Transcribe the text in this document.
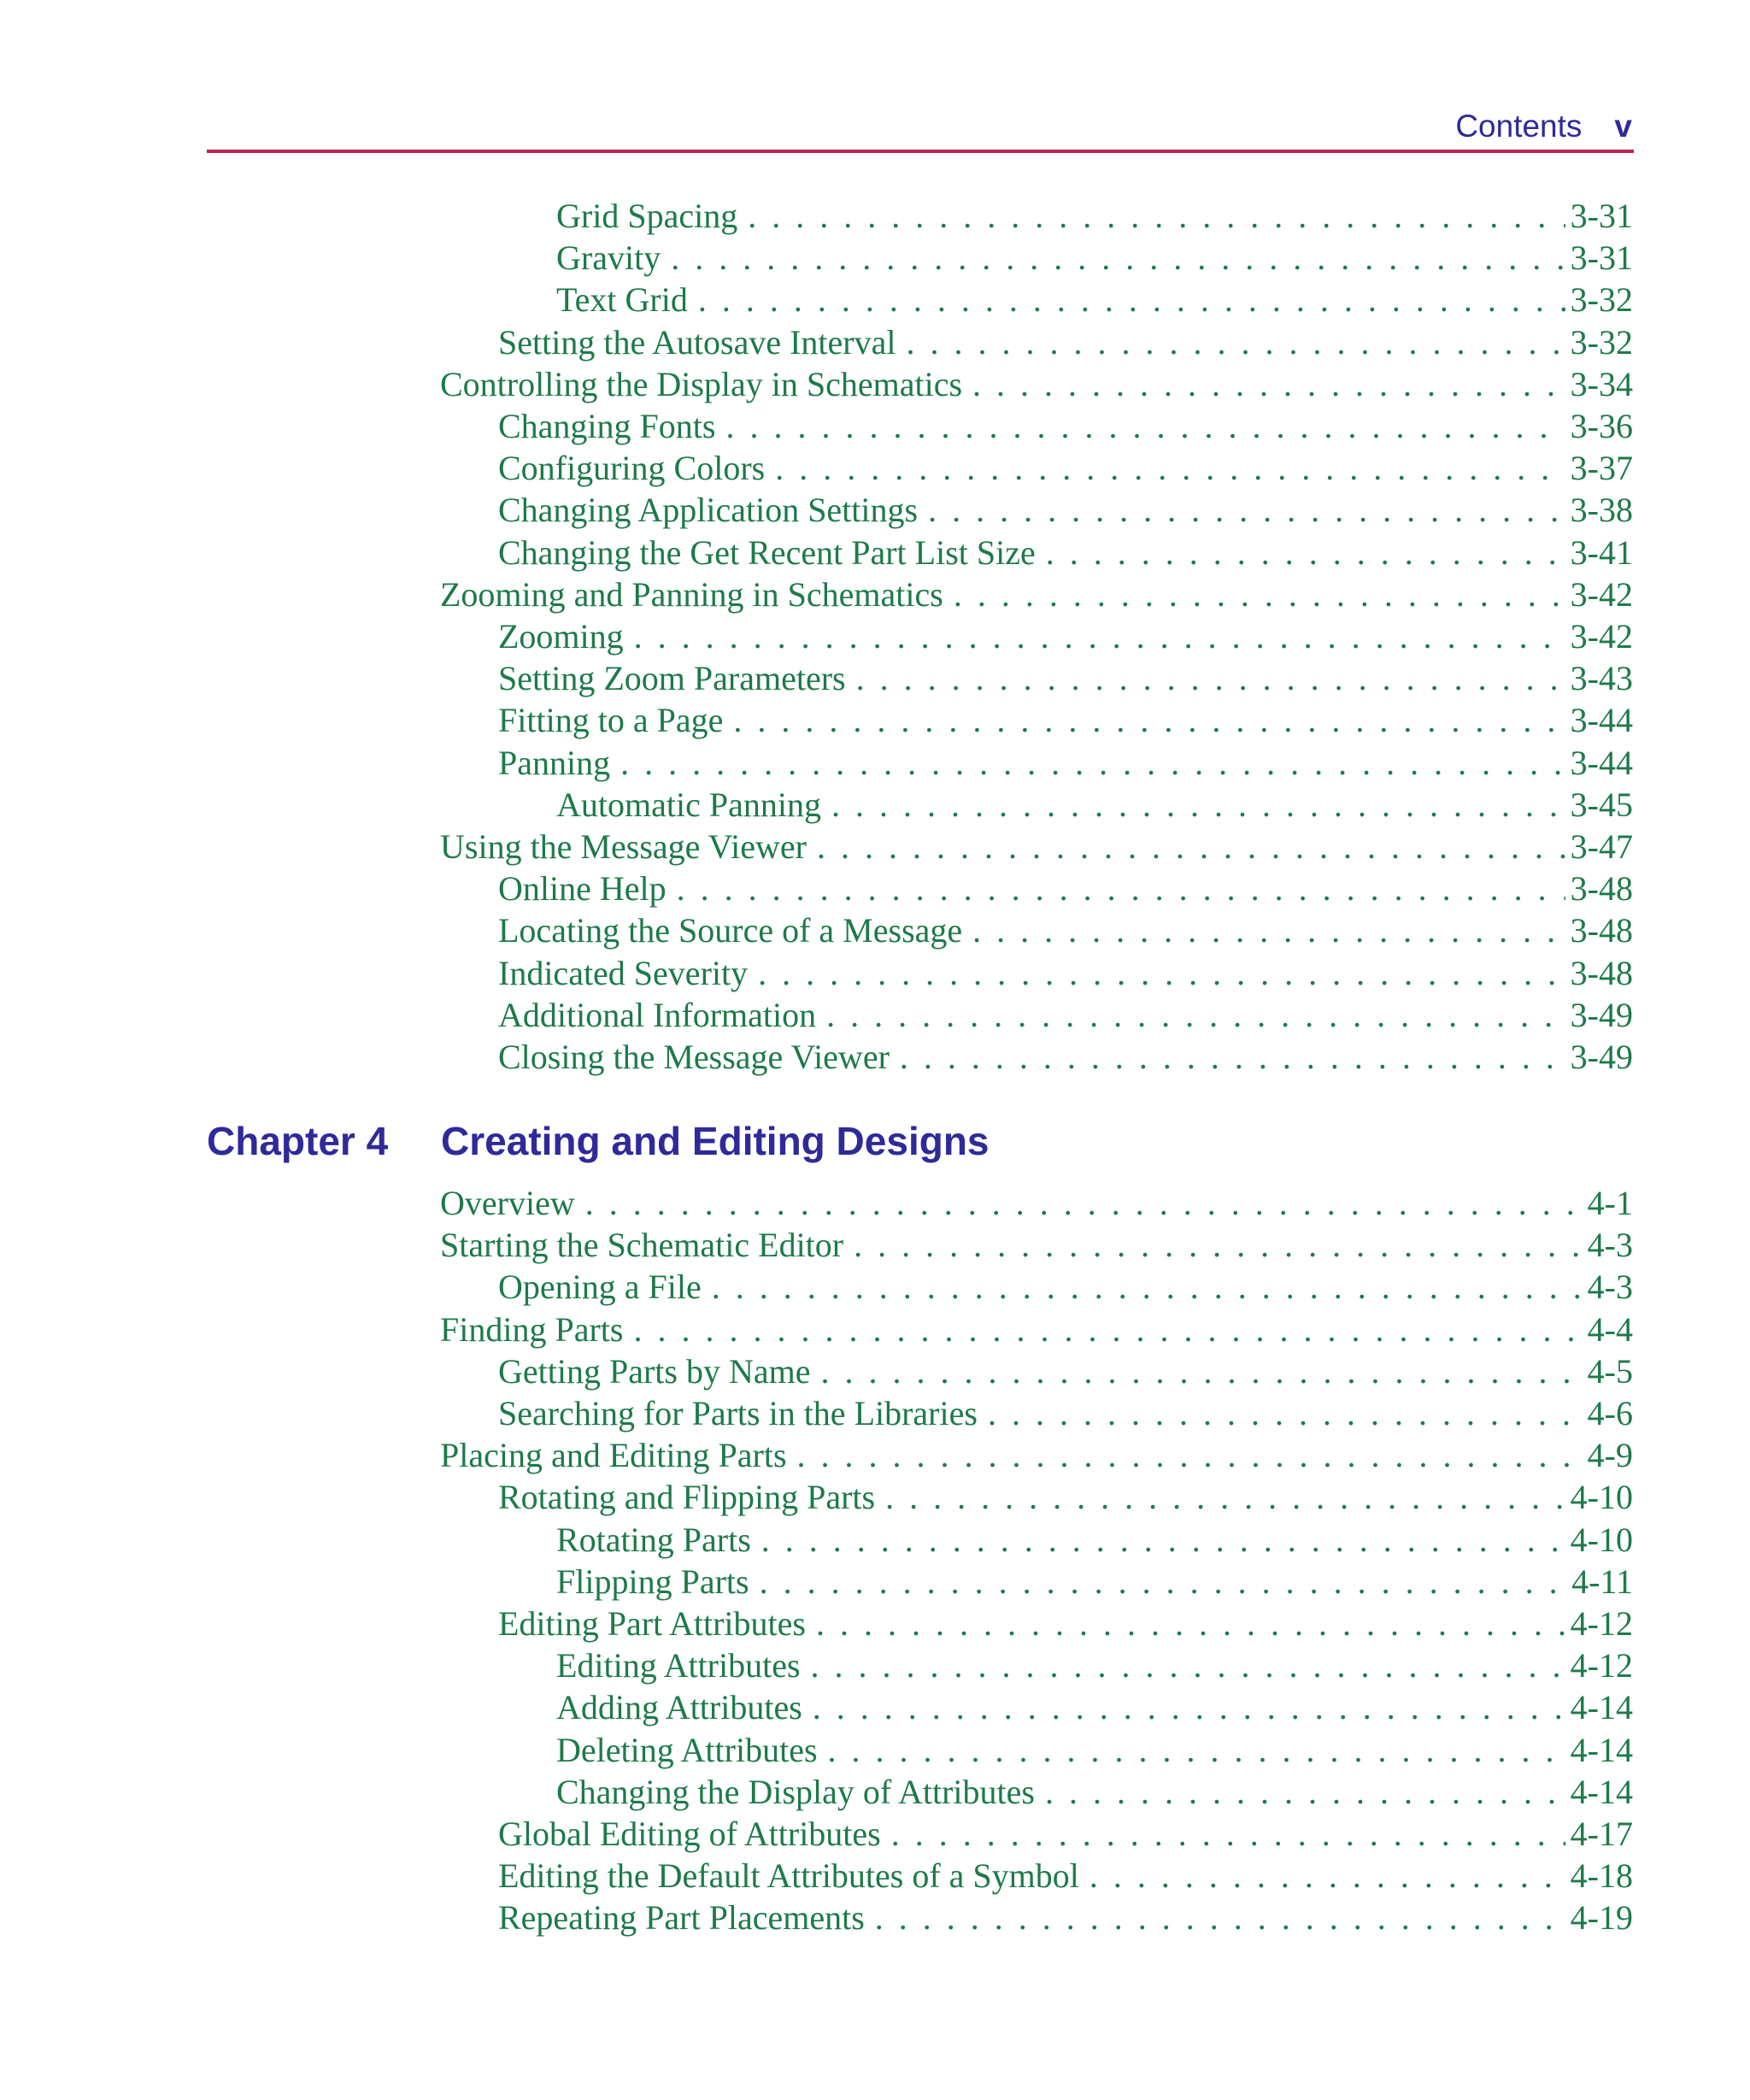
Contents v
Grid Spacing . . .	3-31
Gravity . . .	3-31
Text Grid . . .	3-32
Setting the Autosave Interval . . .	3-32
Controlling the Display in Schematics . . .	3-34
Changing Fonts . . .	3-36
Configuring Colors . . .	3-37
Changing Application Settings . . .	3-38
Changing the Get Recent Part List Size . . .	3-41
Zooming and Panning in Schematics . . .	3-42
Zooming . . .	3-42
Setting Zoom Parameters . . .	3-43
Fitting to a Page . . .	3-44
Panning . . .	3-44
Automatic Panning . . .	3-45
Using the Message Viewer . . .	3-47
Online Help . . .	3-48
Locating the Source of a Message . . .	3-48
Indicated Severity . . .	3-48
Additional Information . . .	3-49
Closing the Message Viewer . . .	3-49
Chapter 4 Creating and Editing Designs
Overview . . .	4-1
Starting the Schematic Editor . . .	4-3
Opening a File . . .	4-3
Finding Parts . . .	4-4
Getting Parts by Name . . .	4-5
Searching for Parts in the Libraries . . .	4-6
Placing and Editing Parts . . .	4-9
Rotating and Flipping Parts . . .	4-10
Rotating Parts . . .	4-10
Flipping Parts . . .	4-11
Editing Part Attributes . . .	4-12
Editing Attributes . . .	4-12
Adding Attributes . . .	4-14
Deleting Attributes . . .	4-14
Changing the Display of Attributes . . .	4-14
Global Editing of Attributes . . .	4-17
Editing the Default Attributes of a Symbol . . .	4-18
Repeating Part Placements . . .	4-19
